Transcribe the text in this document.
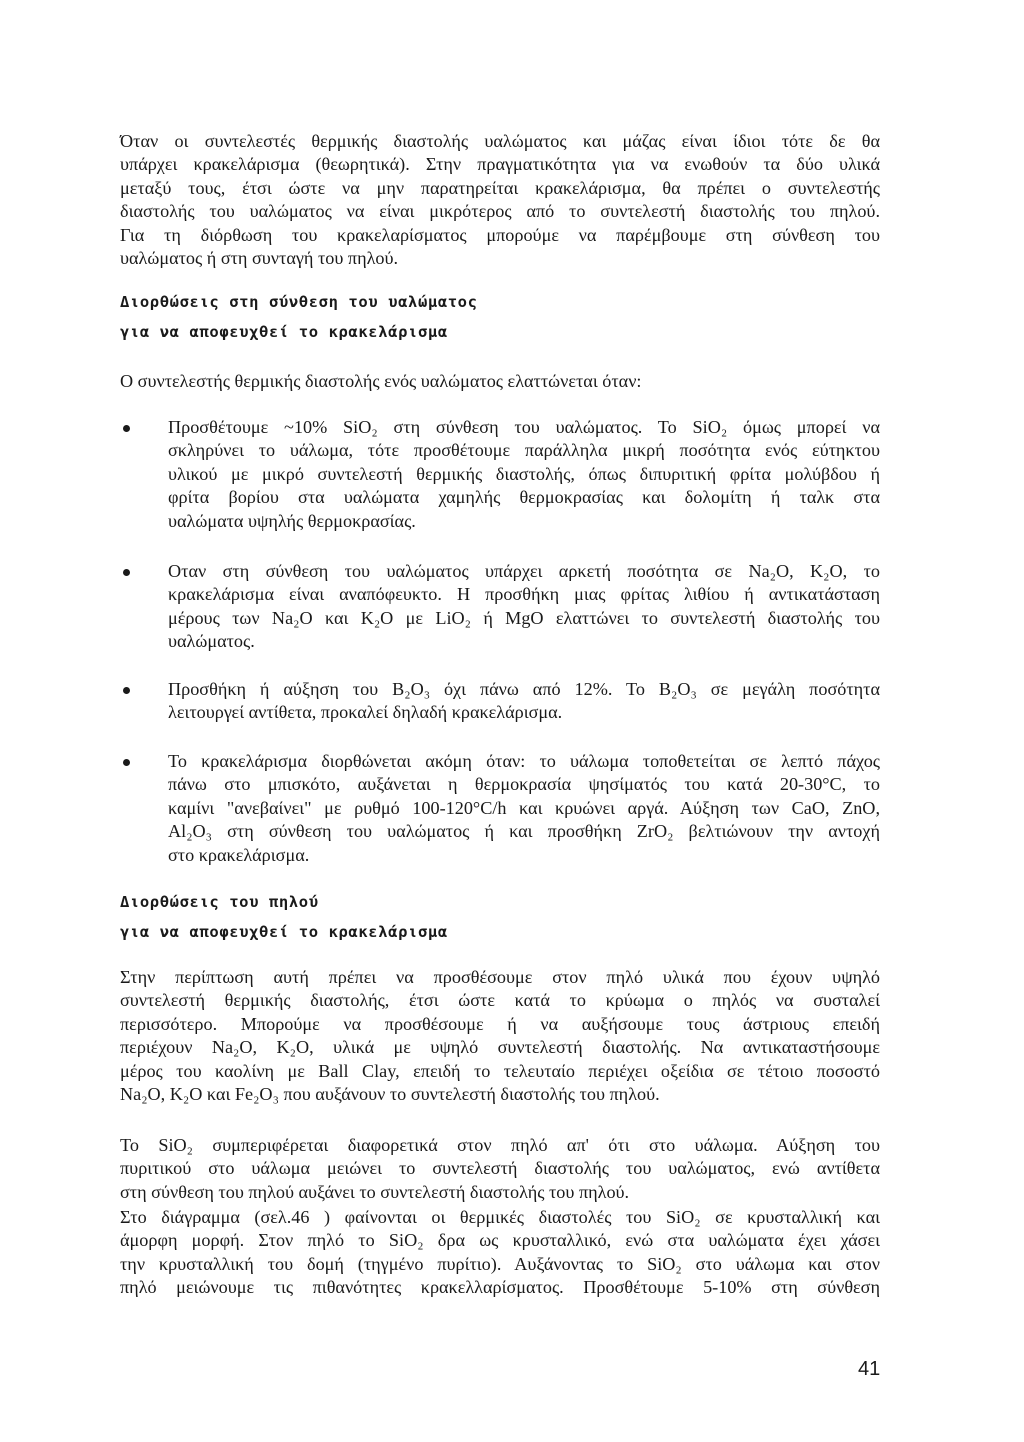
Όταν οι συντελεστές θερμικής διαστολής υαλώματος και μάζας είναι ίδιοι τότε δε θα
υπάρχει κρακελάρισμα (θεωρητικά). Στην πραγματικότητα για να ενωθούν τα δύο υλικά
μεταξύ τους, έτσι ώστε να μην παρατηρείται κρακελάρισμα, θα πρέπει ο συντελεστής
διαστολής του υαλώματος να είναι μικρότερος από το συντελεστή διαστολής του πηλού.
Για τη διόρθωση του κρακελαρίσματος μπορούμε να παρέμβουμε στη σύνθεση του
υαλώματος ή στη συνταγή του πηλού.

Διορθώσεις στη σύνθεση του υαλώματος
για να αποφευχθεί το κρακελάρισμα

Ο συντελεστής θερμικής διαστολής ενός υαλώματος ελαττώνεται όταν:

Προσθέτουμε ~10% SiO₂ στη σύνθεση του υαλώματος. Το SiO₂ όμως μπορεί να
σκληρύνει το υάλωμα, τότε προσθέτουμε παράλληλα μικρή ποσότητα ενός εύτηκτου
υλικού με μικρό συντελεστή θερμικής διαστολής, όπως διπυριτική φρίτα μολύβδου ή
φρίτα βορίου στα υαλώματα χαμηλής θερμοκρασίας και δολομίτη ή ταλκ στα
υαλώματα υψηλής θερμοκρασίας.
Οταν στη σύνθεση του υαλώματος υπάρχει αρκετή ποσότητα σε Na₂O, K₂O, το
κρακελάρισμα είναι αναπόφευκτο. Η προσθήκη μιας φρίτας λιθίου ή αντικατάσταση
μέρους των Na₂O και K₂O με LiO₂ ή MgO ελαττώνει το συντελεστή διαστολής του
υαλώματος.
Προσθήκη ή αύξηση του B₂O₃ όχι πάνω από 12%. Το B₂O₃ σε μεγάλη ποσότητα
λειτουργεί αντίθετα, προκαλεί δηλαδή κρακελάρισμα.
Το κρακελάρισμα διορθώνεται ακόμη όταν: το υάλωμα τοποθετείται σε λεπτό πάχος
πάνω στο μπισκότο, αυξάνεται η θερμοκρασία ψησίματός του κατά 20-30°C, το
καμίνι "ανεβαίνει" με ρυθμό 100-120°C/h και κρυώνει αργά. Αύξηση των CaO, ZnO,
Al₂O₃ στη σύνθεση του υαλώματος ή και προσθήκη ZrO₂ βελτιώνουν την αντοχή
στο κρακελάρισμα.
Διορθώσεις του πηλού
για να αποφευχθεί το κρακελάρισμα

Στην περίπτωση αυτή πρέπει να προσθέσουμε στον πηλό υλικά που έχουν υψηλό
συντελεστή θερμικής διαστολής, έτσι ώστε κατά το κρύωμα ο πηλός να συσταλεί
περισσότερο. Μπορούμε να προσθέσουμε ή να αυξήσουμε τους άστριους επειδή
περιέχουν Na₂O, K₂O, υλικά με υψηλό συντελεστή διαστολής. Να αντικαταστήσουμε
μέρος του καολίνη με Ball Clay, επειδή το τελευταίο περιέχει οξείδια σε τέτοιο ποσοστό
Na₂O, K₂O και Fe₂O₃ που αυξάνουν το συντελεστή διαστολής του πηλού.

Το SiO₂ συμπεριφέρεται διαφορετικά στον πηλό απ' ότι στο υάλωμα. Αύξηση του
πυριτικού στο υάλωμα μειώνει το συντελεστή διαστολής του υαλώματος, ενώ αντίθετα
στη σύνθεση του πηλού αυξάνει το συντελεστή διαστολής του πηλού.

Στο διάγραμμα (σελ.46 ) φαίνονται οι θερμικές διαστολές του SiO₂ σε κρυσταλλική και
άμορφη μορφή. Στον πηλό το SiO₂ δρα ως κρυσταλλικό, ενώ στα υαλώματα έχει χάσει
την κρυσταλλική του δομή (τηγμένο πυρίτιο). Αυξάνοντας το SiO₂ στο υάλωμα και στον
πηλό μειώνουμε τις πιθανότητες κρακελλαρίσματος. Προσθέτουμε 5-10% στη σύνθεση

41
